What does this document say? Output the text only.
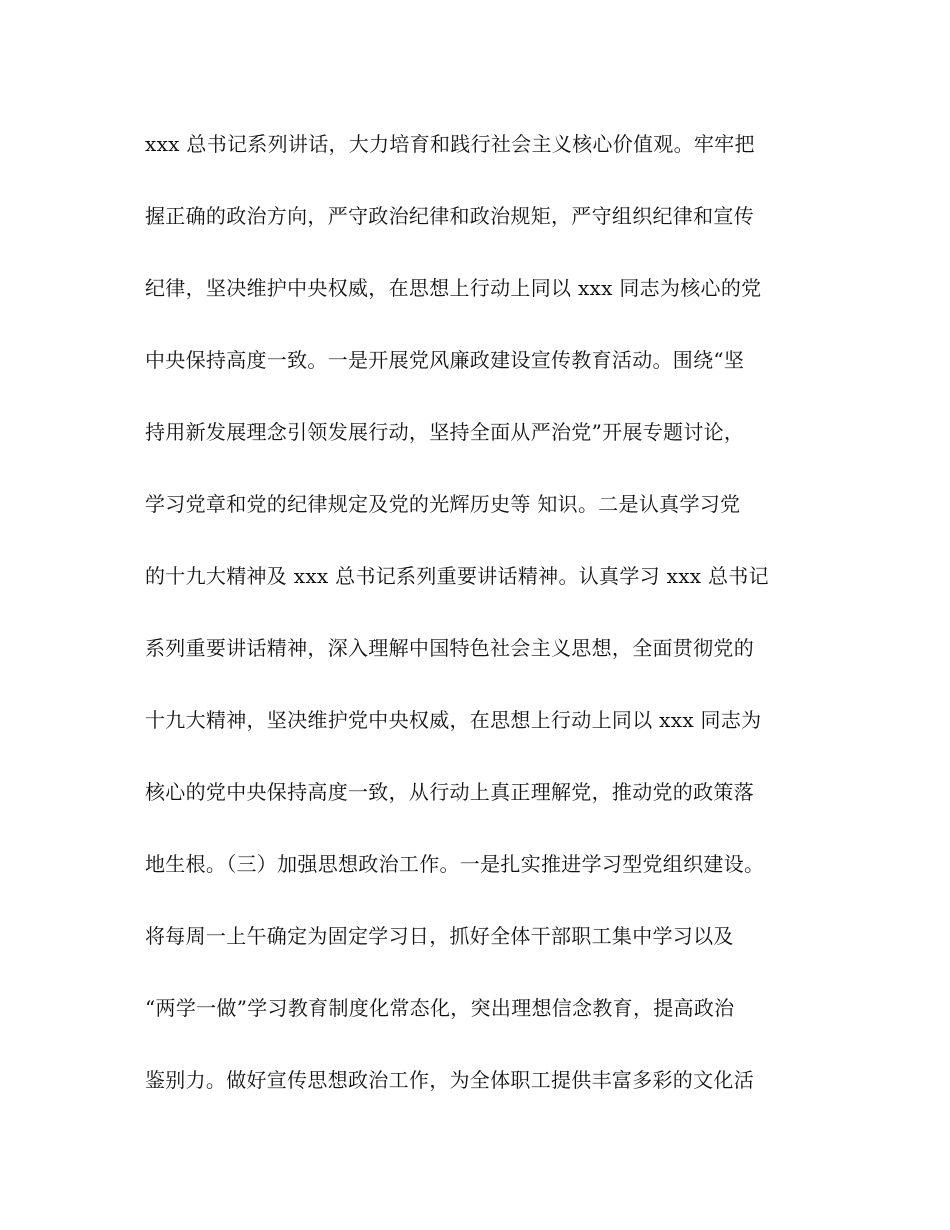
xxx 总书记系列讲话，大力培育和践行社会主义核心价值观。牢牢把
握正确的政治方向，严守政治纪律和政治规矩，严守组织纪律和宣传
纪律，坚决维护中央权威，在思想上行动上同以 xxx 同志为核心的党
中央保持高度一致。一是开展党风廉政建设宣传教育活动。围绕“坚
持用新发展理念引领发展行动，坚持全面从严治党”开展专题讨论，
学习党章和党的纪律规定及党的光辉历史等 知识。二是认真学习党
的十九大精神及 xxx 总书记系列重要讲话精神。认真学习 xxx 总书记
系列重要讲话精神，深入理解中国特色社会主义思想，全面贯彻党的
十九大精神，坚决维护党中央权威，在思想上行动上同以 xxx 同志为
核心的党中央保持高度一致，从行动上真正理解党，推动党的政策落
地生根。（三）加强思想政治工作。一是扎实推进学习型党组织建设。
将每周一上午确定为固定学习日，抓好全体干部职工集中学习以及
“两学一做”学习教育制度化常态化，突出理想信念教育，提高政治
鉴别力。做好宣传思想政治工作，为全体职工提供丰富多彩的文化活
